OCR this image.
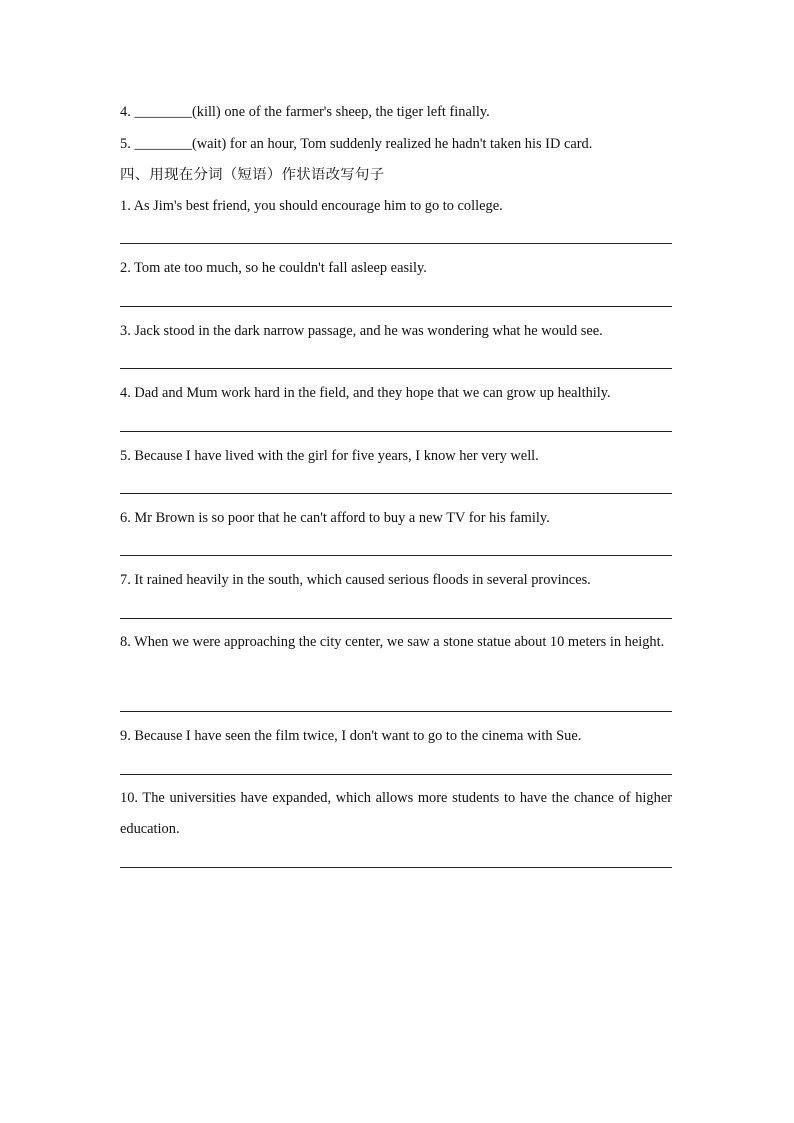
4. ________(kill) one of the farmer's sheep, the tiger left finally.
5. ________(wait) for an hour, Tom suddenly realized he hadn't taken his ID card.
四、用现在分词（短语）作状语改写句子
1. As Jim's best friend, you should encourage him to go to college.
2. Tom ate too much, so he couldn't fall asleep easily.
3. Jack stood in the dark narrow passage, and he was wondering what he would see.
4. Dad and Mum work hard in the field, and they hope that we can grow up healthily.
5. Because I have lived with the girl for five years, I know her very well.
6. Mr Brown is so poor that he can't afford to buy a new TV for his family.
7. It rained heavily in the south, which caused serious floods in several provinces.
8. When we were approaching the city center, we saw a stone statue about 10 meters in height.
9. Because I have seen the film twice, I don't want to go to the cinema with Sue.
10. The universities have expanded, which allows more students to have the chance of higher education.
